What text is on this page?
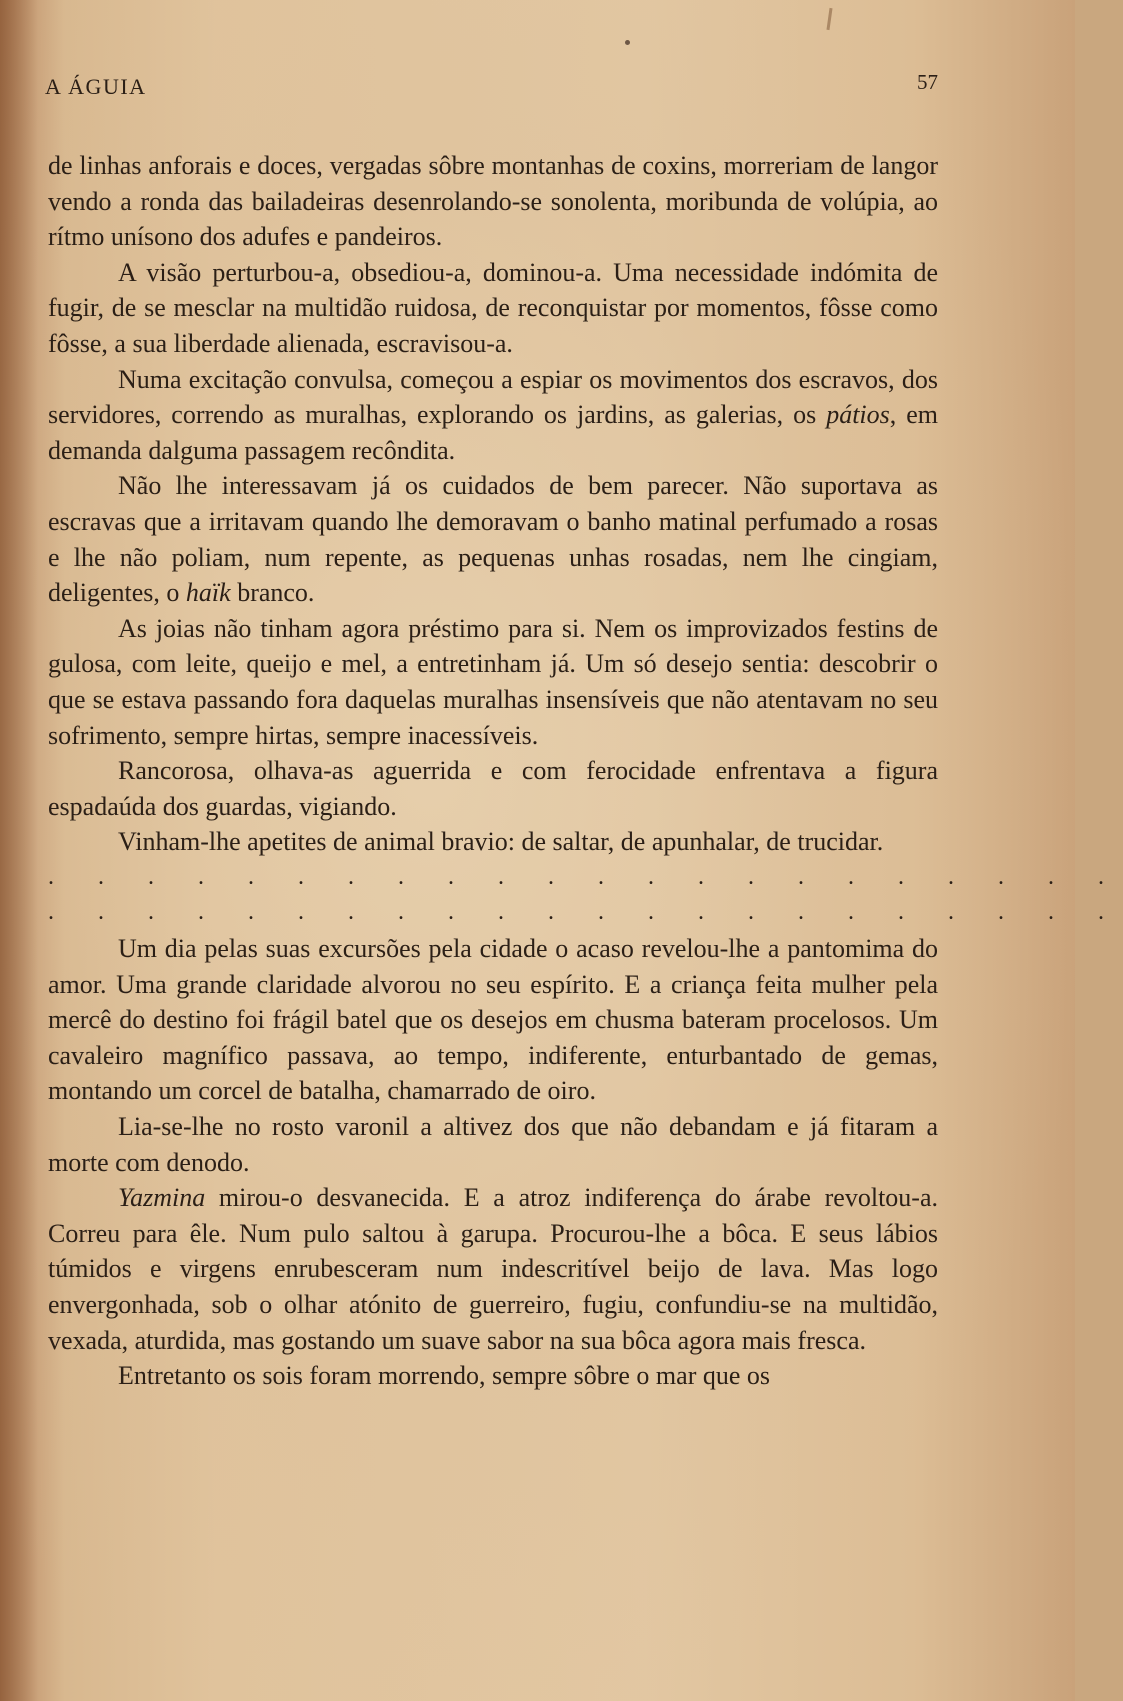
A ÁGUIA	57

de linhas anforais e doces, vergadas sôbre montanhas de coxins, morreriam de langor vendo a ronda das bailadeiras desenrolando-se sonolenta, moribunda de volúpia, ao rítmo unísono dos adufes e pandeiros.

A visão perturbou-a, obsediou-a, dominou-a. Uma necessidade indómita de fugir, de se mesclar na multidão ruidosa, de reconquistar por momentos, fôsse como fôsse, a sua liberdade alienada, escravisou-a.

Numa excitação convulsa, começou a espiar os movimentos dos escravos, dos servidores, correndo as muralhas, explorando os jardins, as galerias, os pátios, em demanda dalguma passagem recôndita.

Não lhe interessavam já os cuidados de bem parecer. Não suportava as escravas que a irritavam quando lhe demoravam o banho matinal perfumado a rosas e lhe não poliam, num repente, as pequenas unhas rosadas, nem lhe cingiam, deligentes, o haïk branco.

As joias não tinham agora préstimo para si. Nem os improvizados festins de gulosa, com leite, queijo e mel, a entretinham já. Um só desejo sentia: descobrir o que se estava passando fora daquelas muralhas insensíveis que não atentavam no seu sofrimento, sempre hirtas, sempre inacessíveis.

Rancorosa, olhava-as aguerrida e com ferocidade enfrentava a figura espadaúda dos guardas, vigiando.

Vinham-lhe apetites de animal bravio: de saltar, de apunhalar, de trucidar.

. . . . . . . . . . . . . . . . . . . . . .
. . . . . . . . . . . . . . . . . . . . . .

Um dia pelas suas excursões pela cidade o acaso revelou-lhe a pantomima do amor. Uma grande claridade alvorou no seu espírito. E a criança feita mulher pela mercê do destino foi frágil batel que os desejos em chusma bateram procelosos. Um cavaleiro magnífico passava, ao tempo, indiferente, enturbantado de gemas, montando um corcel de batalha, chamarrado de oiro.

Lia-se-lhe no rosto varonil a altivez dos que não debandam e já fitaram a morte com denodo.

Yazmina mirou-o desvanecida. E a atroz indiferença do árabe revoltou-a. Correu para êle. Num pulo saltou à garupa. Procurou-lhe a bôca. E seus lábios túmidos e virgens enrubesceram num indescritível beijo de lava. Mas logo envergonhada, sob o olhar atónito de guerreiro, fugiu, confundiu-se na multidão, vexada, aturdida, mas gostando um suave sabor na sua bôca agora mais fresca.

Entretanto os sois foram morrendo, sempre sôbre o mar que os
